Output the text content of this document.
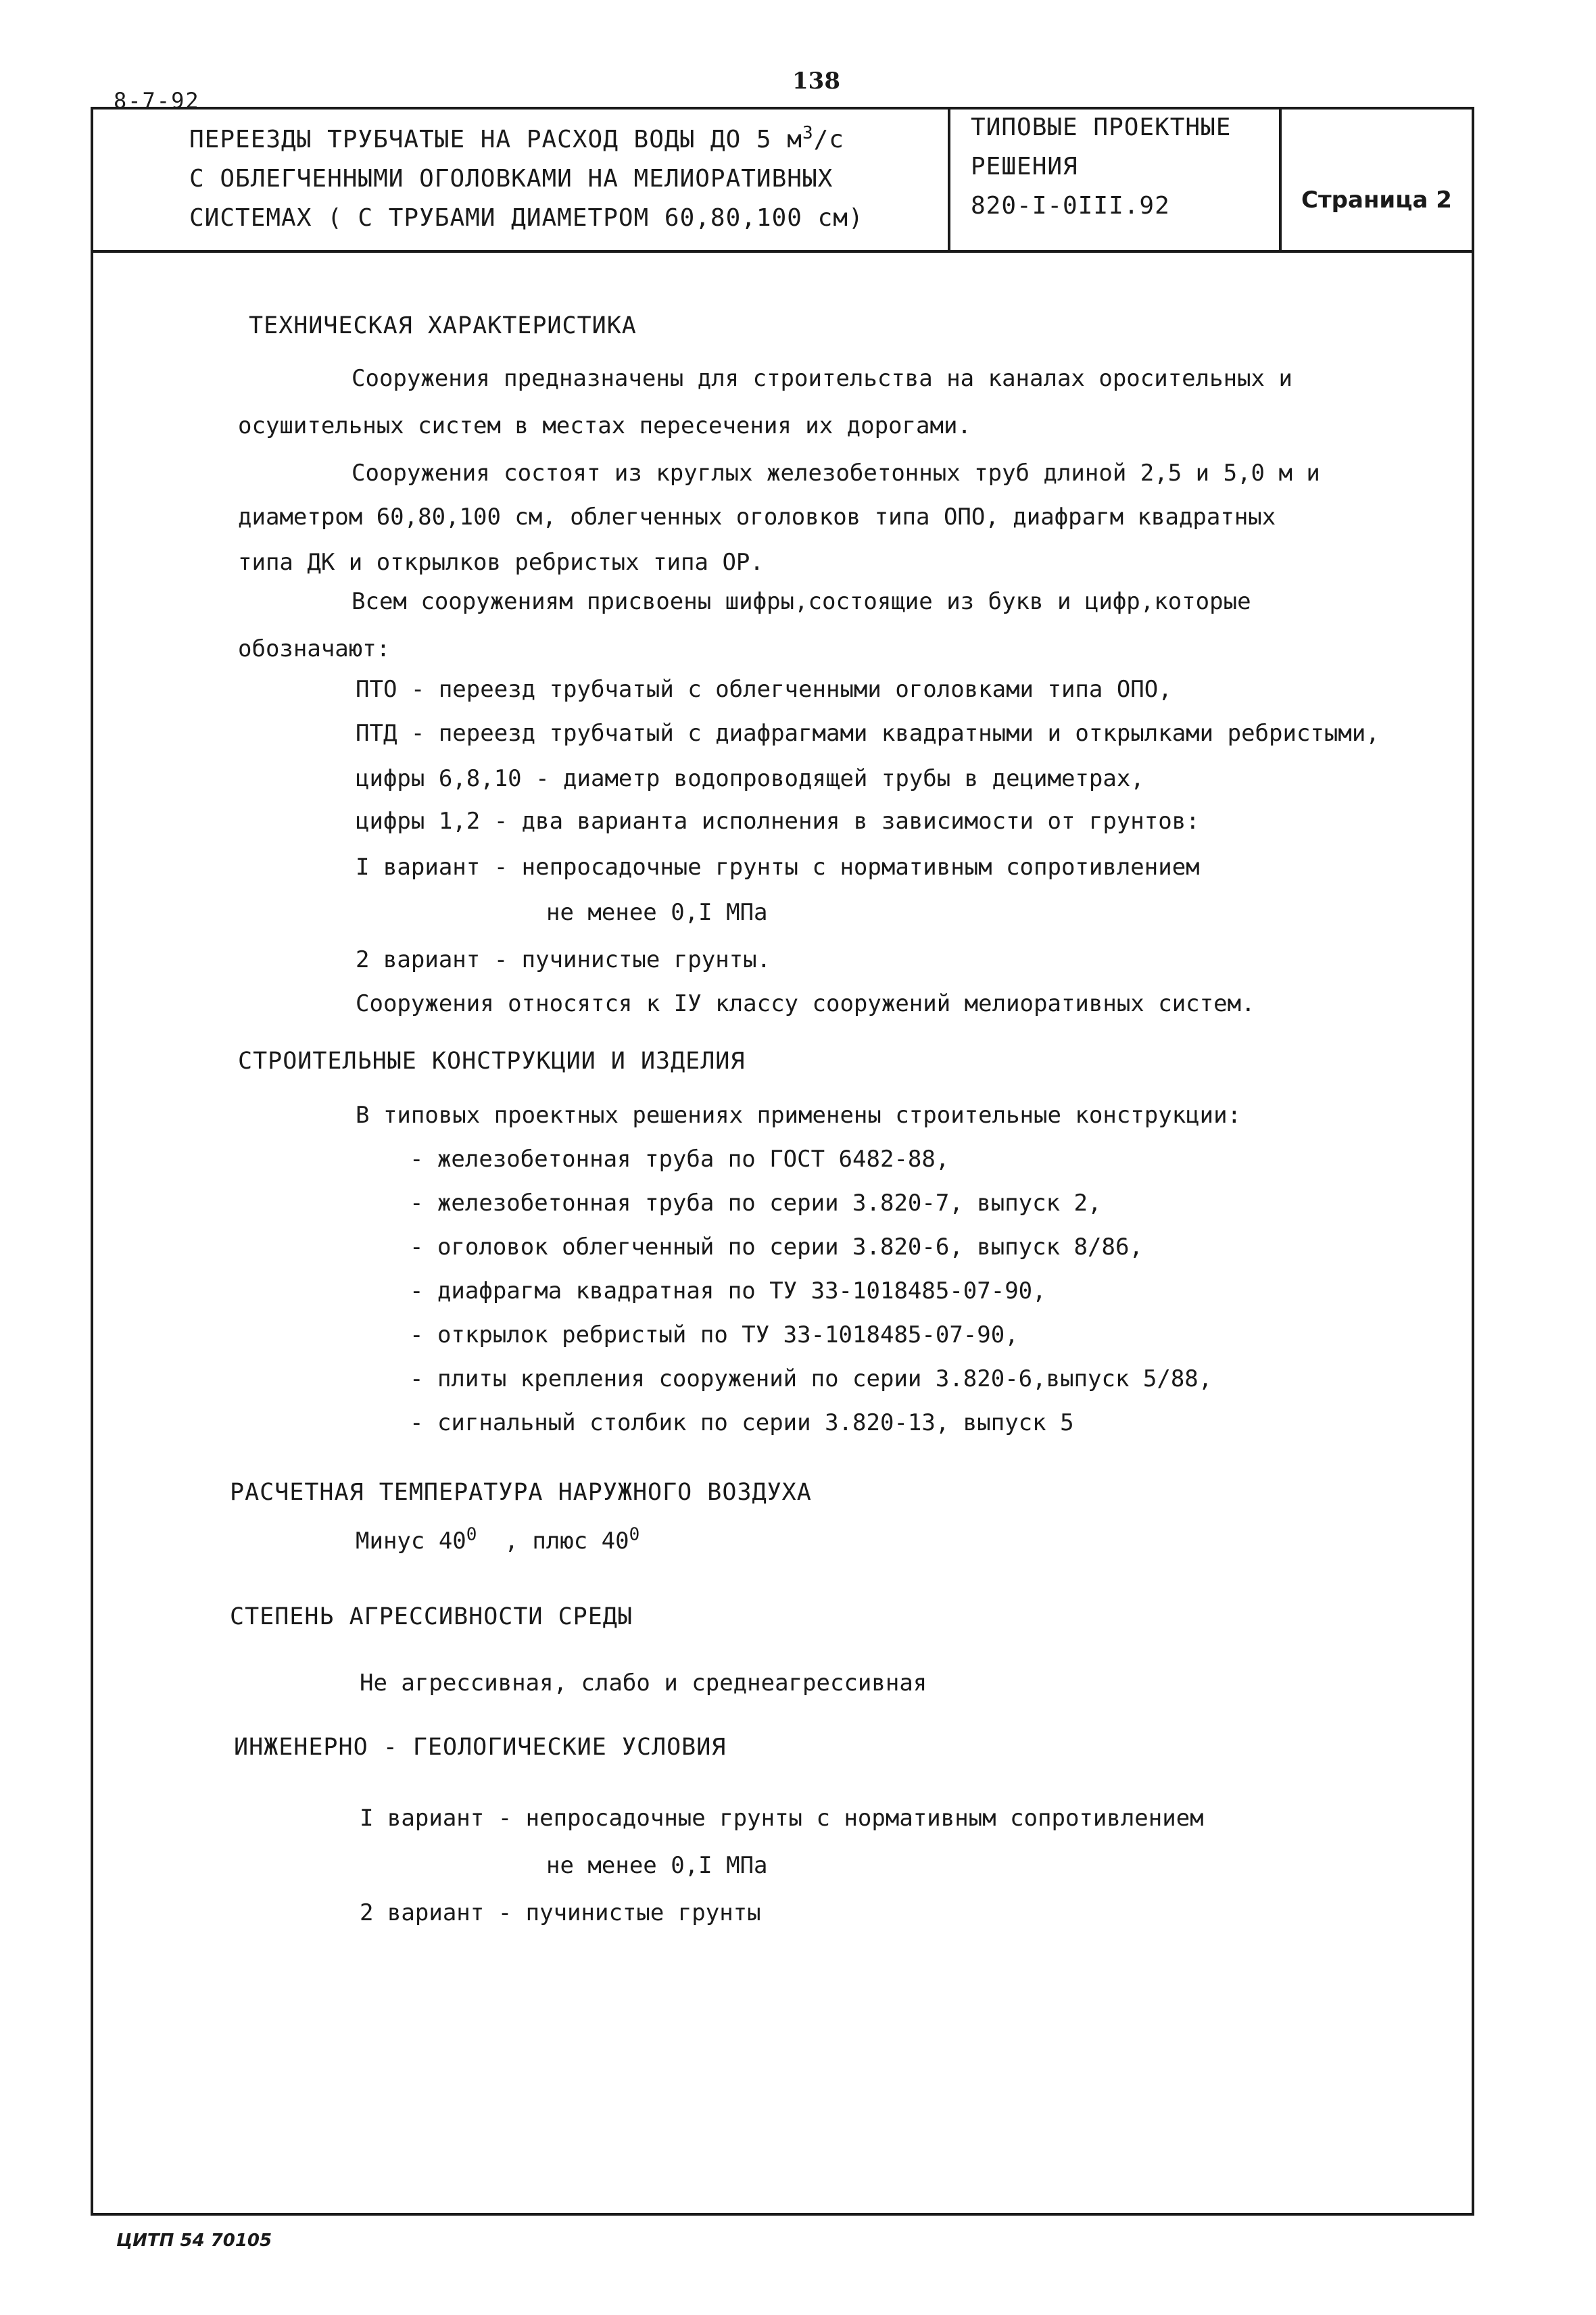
8-7-92
138
ПЕРЕЕЗДЫ ТРУБЧАТЫЕ НА РАСХОД ВОДЫ ДО 5 $м^3/с$
С ОБЛЕГЧЕННЫМИ ОГОЛОВКАМИ НА МЕЛИОРАТИВНЫХ
СИСТЕМАХ ( С ТРУБАМИ ДИАМЕТРОМ 60,80,100 см)
ТИПОВЫЕ ПРОЕКТНЫЕ
РЕШЕНИЯ
820-I-0III.92	Страница 2
ТЕХНИЧЕСКАЯ ХАРАКТЕРИСТИКА
Сооружения предназначены для строительства на каналах оросительных и
осушительных систем в местах пересечения их дорогами.
Сооружения состоят из круглых железобетонных труб длиной 2,5 и 5,0 м и
диаметром 60,80,100 см, облегченных оголовков типа ОПО, диафрагм квадратных
типа ДК и открылков ребристых типа ОР.
Всем сооружениям присвоены шифры,состоящие из букв и цифр,которые
обозначают:
ПТО - переезд трубчатый с облегченными оголовками типа ОПО,
ПТД - переезд трубчатый с диафрагмами квадратными и открылками ребристыми,
цифры 6,8,10 - диаметр водопроводящей трубы в дециметрах,
цифры 1,2 - два варианта исполнения в зависимости от грунтов:
I вариант - непросадочные грунты с нормативным сопротивлением
не менее 0,I МПа
2 вариант - пучинистые грунты.
Сооружения относятся к IУ классу сооружений мелиоративных систем.
СТРОИТЕЛЬНЫЕ КОНСТРУКЦИИ И ИЗДЕЛИЯ
В типовых проектных решениях применены строительные конструкции:
- железобетонная труба по ГОСТ 6482-88,
- железобетонная труба по серии 3.820-7, выпуск 2,
- оголовок облегченный по серии 3.820-6, выпуск 8/86,
- диафрагма квадратная по ТУ 33-1018485-07-90,
- открылок ребристый по ТУ 33-1018485-07-90,
- плиты крепления сооружений по серии 3.820-6,выпуск 5/88,
- сигнальный столбик по серии 3.820-13, выпуск 5
РАСЧЕТНАЯ ТЕМПЕРАТУРА НАРУЖНОГО ВОЗДУХА
Минус $40^0$ , плюс $40^0$
СТЕПЕНЬ АГРЕССИВНОСТИ СРЕДЫ
Не агрессивная, слабо и среднеагрессивная
ИНЖЕНЕРНО - ГЕОЛОГИЧЕСКИЕ УСЛОВИЯ
I вариант - непросадочные грунты с нормативным сопротивлением
не менее 0,I МПа
2 вариант - пучинистые грунты
ЦИТП 54 70105
